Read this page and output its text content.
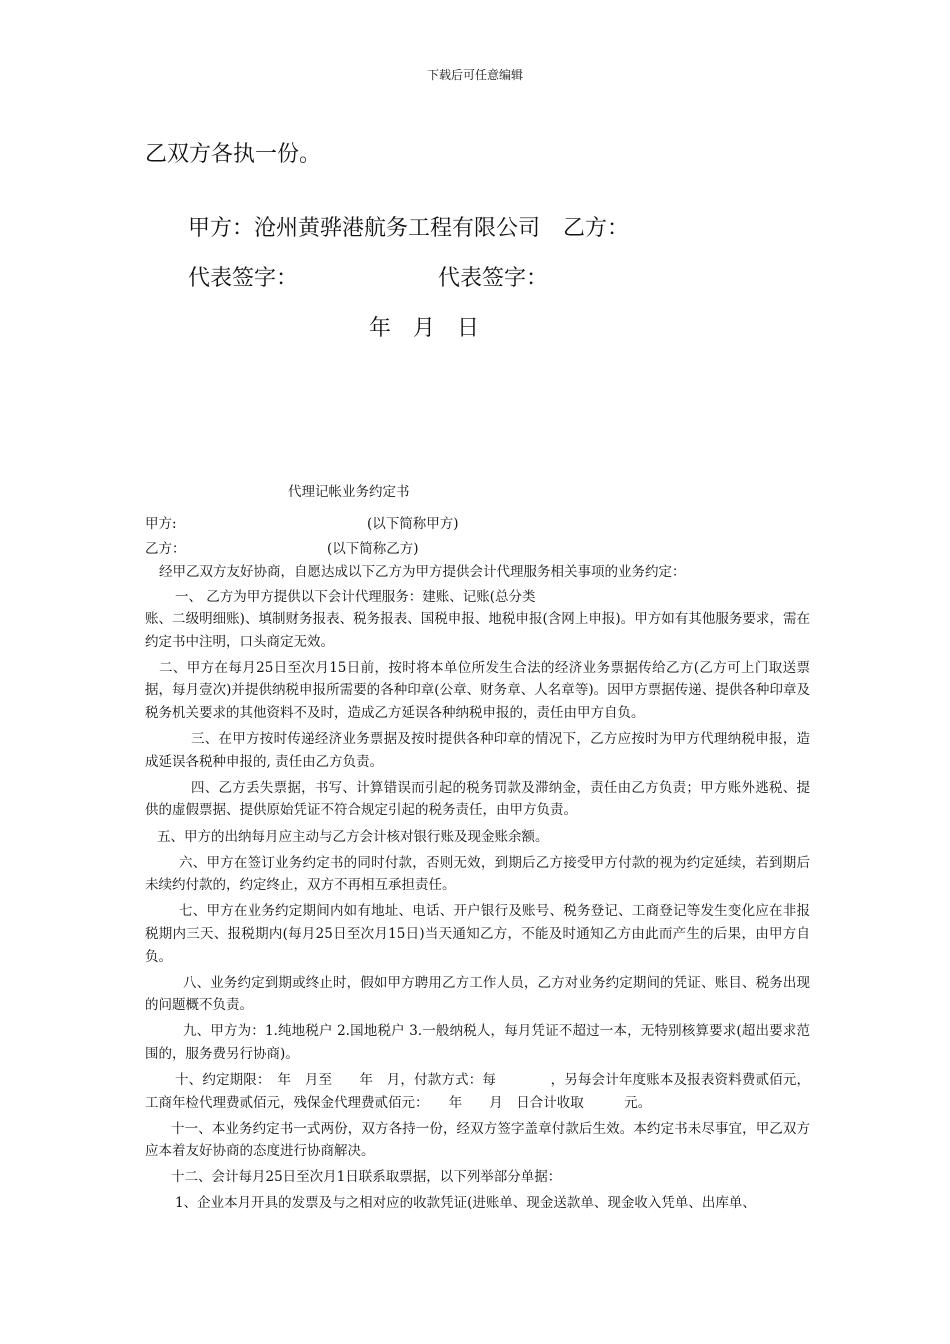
下载后可任意编辑
乙双方各执一份。
甲方：沧州黄骅港航务工程有限公司 乙方：
代表签字：	代表签字：
年　月　日
代理记帐业务约定书
甲方:	(以下简称甲方)
乙方：	(以下简称乙方)

经甲乙双方友好协商，自愿达成以下乙方为甲方提供会计代理服务相关事项的业务约定：

一、 乙方为甲方提供以下会计代理服务：建账、记账(总分类

账、二级明细账)、填制财务报表、税务报表、国税申报、地税申报(含网上申报)。甲方如有其他服务要求，需在约定书中注明，口头商定无效。

二、甲方在每月25日至次月15日前，按时将本单位所发生合法的经济业务票据传给乙方(乙方可上门取送票据，每月壹次)并提供纳税申报所需要的各种印章(公章、财务章、人名章等)。因甲方票据传递、提供各种印章及税务机关要求的其他资料不及时，造成乙方延误各种纳税申报的，责任由甲方自负。

三、在甲方按时传递经济业务票据及按时提供各种印章的情况下，乙方应按时为甲方代理纳税申报，造成延误各税种申报的, 责任由乙方负责。

四、乙方丢失票据，书写、计算错误而引起的税务罚款及滞纳金，责任由乙方负责；甲方账外逃税、提供的虚假票据、提供原始凭证不符合规定引起的税务责任，由甲方负责。

五、甲方的出纳每月应主动与乙方会计核对银行账及现金账余额。

六、甲方在签订业务约定书的同时付款，否则无效，到期后乙方接受甲方付款的视为约定延续，若到期后未续约付款的，约定终止，双方不再相互承担责任。

七、甲方在业务约定期间内如有地址、电话、开户银行及账号、税务登记、工商登记等发生变化应在非报税期内三天、报税期内(每月25日至次月15日)当天通知乙方，不能及时通知乙方由此而产生的后果，由甲方自负。

八、业务约定到期或终止时，假如甲方聘用乙方工作人员，乙方对业务约定期间的凭证、账目、税务出现的问题概不负责。

九、甲方为：1.纯地税户 2.国地税户 3.一般纳税人，每月凭证不超过一本，无特别核算要求(超出要求范围的，服务费另行协商)。

十、约定期限：　年　月至　　年　月，付款方式：每　　　　，另每会计年度账本及报表资料费贰佰元，工商年检代理费贰佰元，残保金代理费贰佰元：　　年　　月　日合计收取　　　元。

十一、本业务约定书一式两份，双方各持一份，经双方签字盖章付款后生效。本约定书未尽事宜，甲乙双方应本着友好协商的态度进行协商解决。

十二、会计每月25日至次月1日联系取票据，以下列举部分单据：

1、企业本月开具的发票及与之相对应的收款凭证(进账单、现金送款单、现金收入凭单、出库单、
